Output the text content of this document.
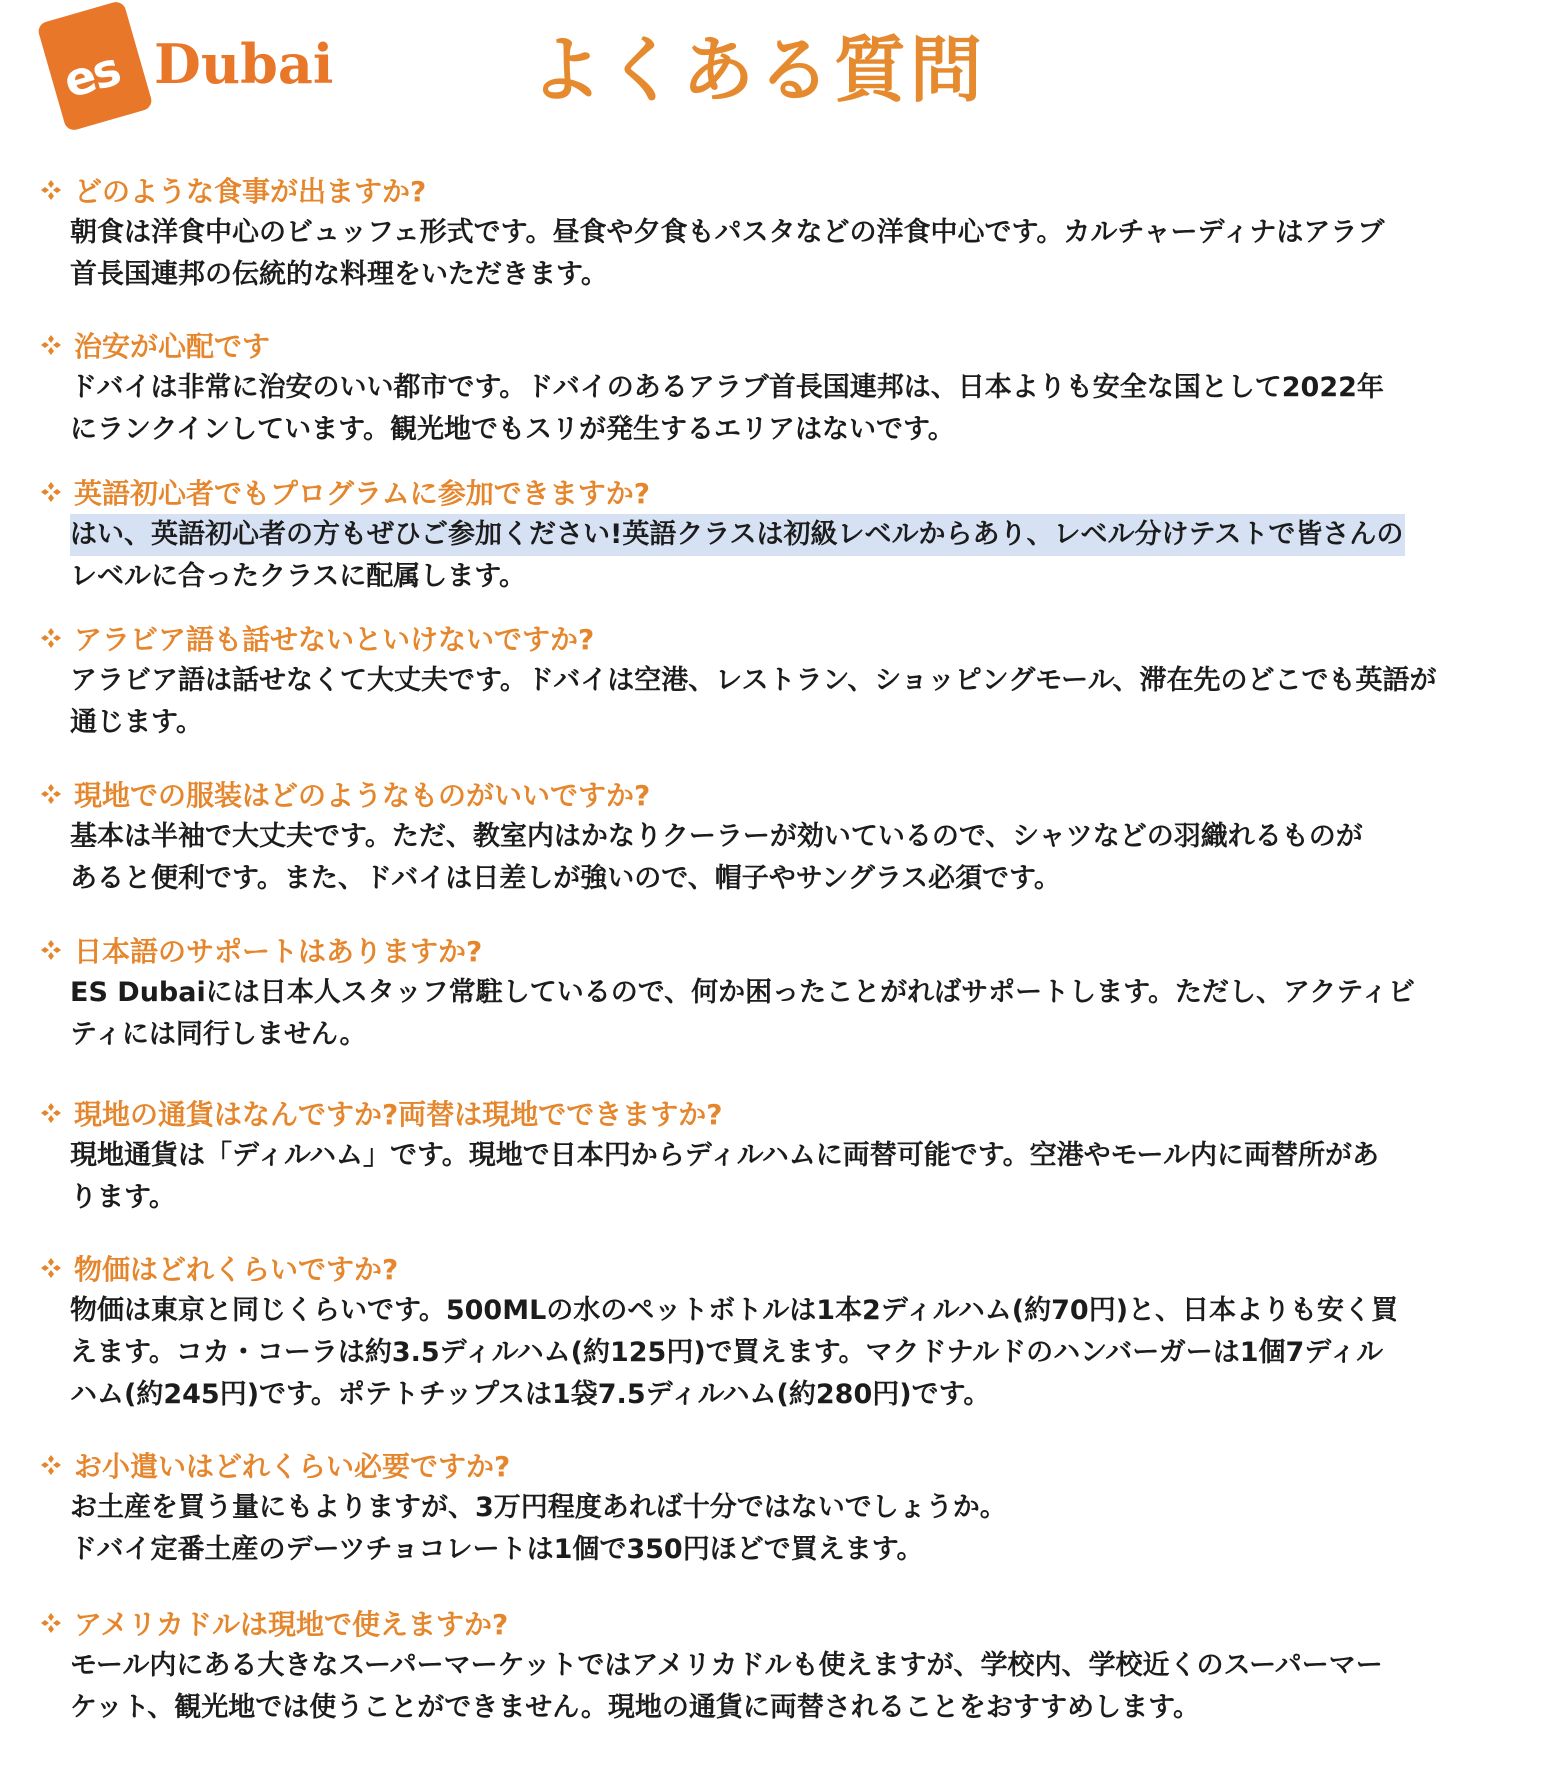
es Dubai	よくある質問
どのような食事が出ますか?
朝食は洋食中心のビュッフェ形式です。昼食や夕食もパスタなどの洋食中心です。カルチャーディナはアラブ
首長国連邦の伝統的な料理をいただきます。
治安が心配です
ドバイは非常に治安のいい都市です。ドバイのあるアラブ首長国連邦は、日本よりも安全な国として2022年
にランクインしています。観光地でもスリが発生するエリアはないです。
英語初心者でもプログラムに参加できますか?
はい、英語初心者の方もぜひご参加ください!英語クラスは初級レベルからあり、レベル分けテストで皆さんの
レベルに合ったクラスに配属します。
アラビア語も話せないといけないですか?
アラビア語は話せなくて大丈夫です。ドバイは空港、レストラン、ショッピングモール、滞在先のどこでも英語が
通じます。
現地での服装はどのようなものがいいですか?
基本は半袖で大丈夫です。ただ、教室内はかなりクーラーが効いているので、シャツなどの羽織れるものが
あると便利です。また、ドバイは日差しが強いので、帽子やサングラス必須です。
日本語のサポートはありますか?
ES Dubaiには日本人スタッフ常駐しているので、何か困ったことがればサポートします。ただし、アクティビ
ティには同行しません。
現地の通貨はなんですか?両替は現地でできますか?
現地通貨は「ディルハム」です。現地で日本円からディルハムに両替可能です。空港やモール内に両替所があ
ります。
物価はどれくらいですか?
物価は東京と同じくらいです。500MLの水のペットボトルは1本2ディルハム(約70円)と、日本よりも安く買
えます。コカ・コーラは約3.5ディルハム(約125円)で買えます。マクドナルドのハンバーガーは1個7ディル
ハム(約245円)です。ポテトチップスは1袋7.5ディルハム(約280円)です。
お小遣いはどれくらい必要ですか?
お土産を買う量にもよりますが、3万円程度あれば十分ではないでしょうか。
ドバイ定番土産のデーツチョコレートは1個で350円ほどで買えます。
アメリカドルは現地で使えますか?
モール内にある大きなスーパーマーケットではアメリカドルも使えますが、学校内、学校近くのスーパーマー
ケット、観光地では使うことができません。現地の通貨に両替されることをおすすめします。
